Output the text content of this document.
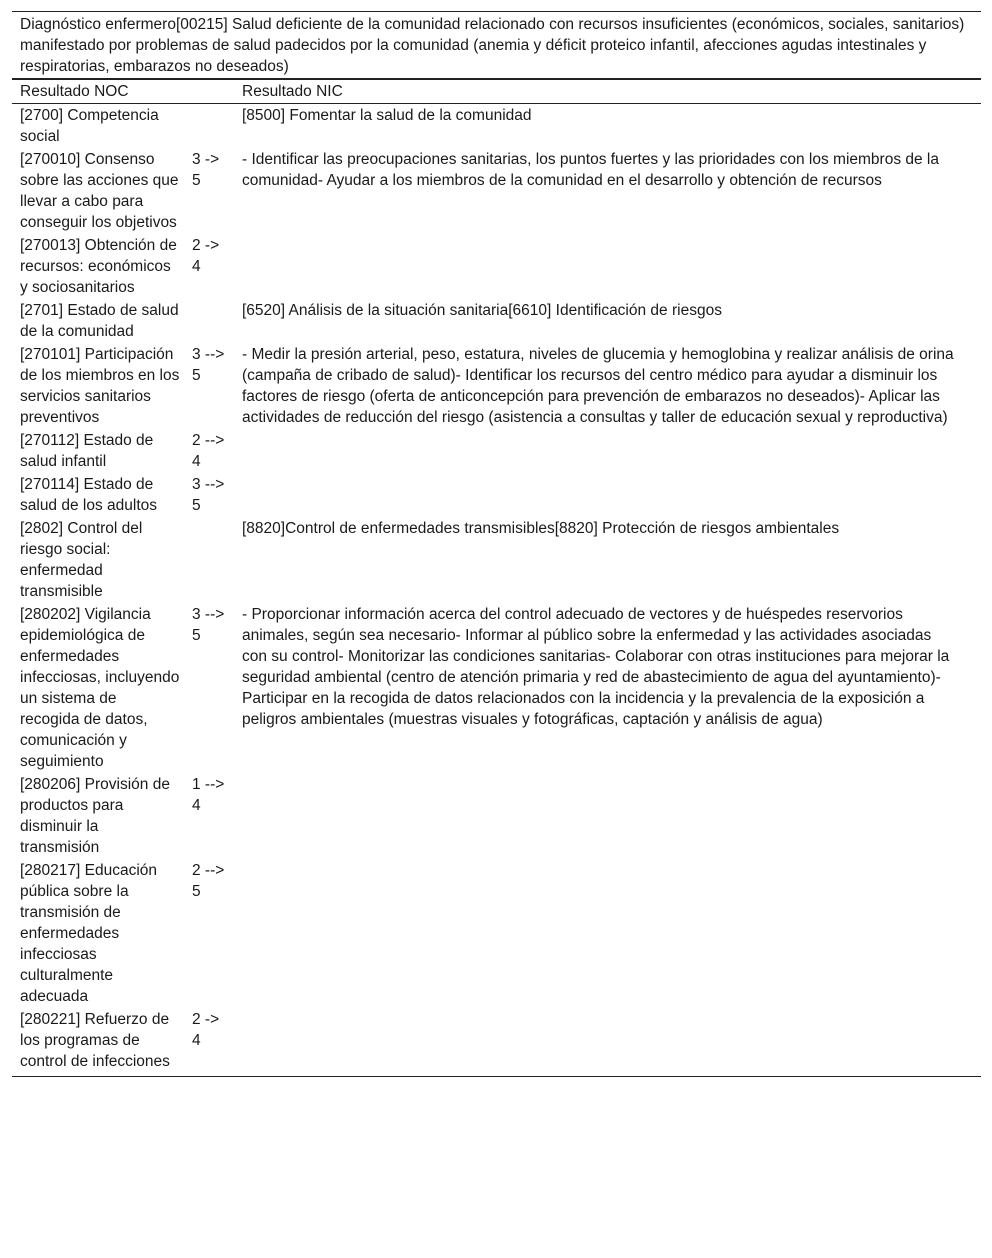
Diagnóstico enfermero[00215] Salud deficiente de la comunidad relacionado con recursos insuficientes (económicos, sociales, sanitarios) manifestado por problemas de salud padecidos por la comunidad (anemia y déficit proteico infantil, afecciones agudas intestinales y respiratorias, embarazos no deseados)		
Resultado NOC		Resultado NIC
[2700] Competencia social		[8500] Fomentar la salud de la comunidad
[270010] Consenso sobre las acciones que llevar a cabo para conseguir los objetivos	3 -> 5	- Identificar las preocupaciones sanitarias, los puntos fuertes y las prioridades con los miembros de la comunidad- Ayudar a los miembros de la comunidad en el desarrollo y obtención de recursos
[270013] Obtención de recursos: económicos y sociosanitarios	2 -> 4	
[2701] Estado de salud de la comunidad		[6520] Análisis de la situación sanitaria[6610] Identificación de riesgos
[270101] Participación de los miembros en los servicios sanitarios preventivos	3 -->5	- Medir la presión arterial, peso, estatura, niveles de glucemia y hemoglobina y realizar análisis de orina (campaña de cribado de salud)- Identificar los recursos del centro médico para ayudar a disminuir los factores de riesgo (oferta de anticoncepción para prevención de embarazos no deseados)- Aplicar las actividades de reducción del riesgo (asistencia a consultas y taller de educación sexual y reproductiva)
[270112] Estado de salud infantil	2 -->4	
[270114] Estado de salud de los adultos	3 -->5	
[2802] Control del riesgo social: enfermedad transmisible		[8820]Control de enfermedades transmisibles[8820] Protección de riesgos ambientales
[280202] Vigilancia epidemiológica de enfermedades infecciosas, incluyendo un sistema de recogida de datos, comunicación y seguimiento	3 -->5	- Proporcionar información acerca del control adecuado de vectores y de huéspedes reservorios animales, según sea necesario- Informar al público sobre la enfermedad y las actividades asociadas con su control- Monitorizar las condiciones sanitarias- Colaborar con otras instituciones para mejorar la seguridad ambiental (centro de atención primaria y red de abastecimiento de agua del ayuntamiento)- Participar en la recogida de datos relacionados con la incidencia y la prevalencia de la exposición a peligros ambientales (muestras visuales y fotográficas, captación y análisis de agua)
[280206] Provisión de productos para disminuir la transmisión	1 -->4	
[280217] Educación pública sobre la transmisión de enfermedades infecciosas culturalmente adecuada	2 -->5	
[280221] Refuerzo de los programas de control de infecciones	2 -> 4	
